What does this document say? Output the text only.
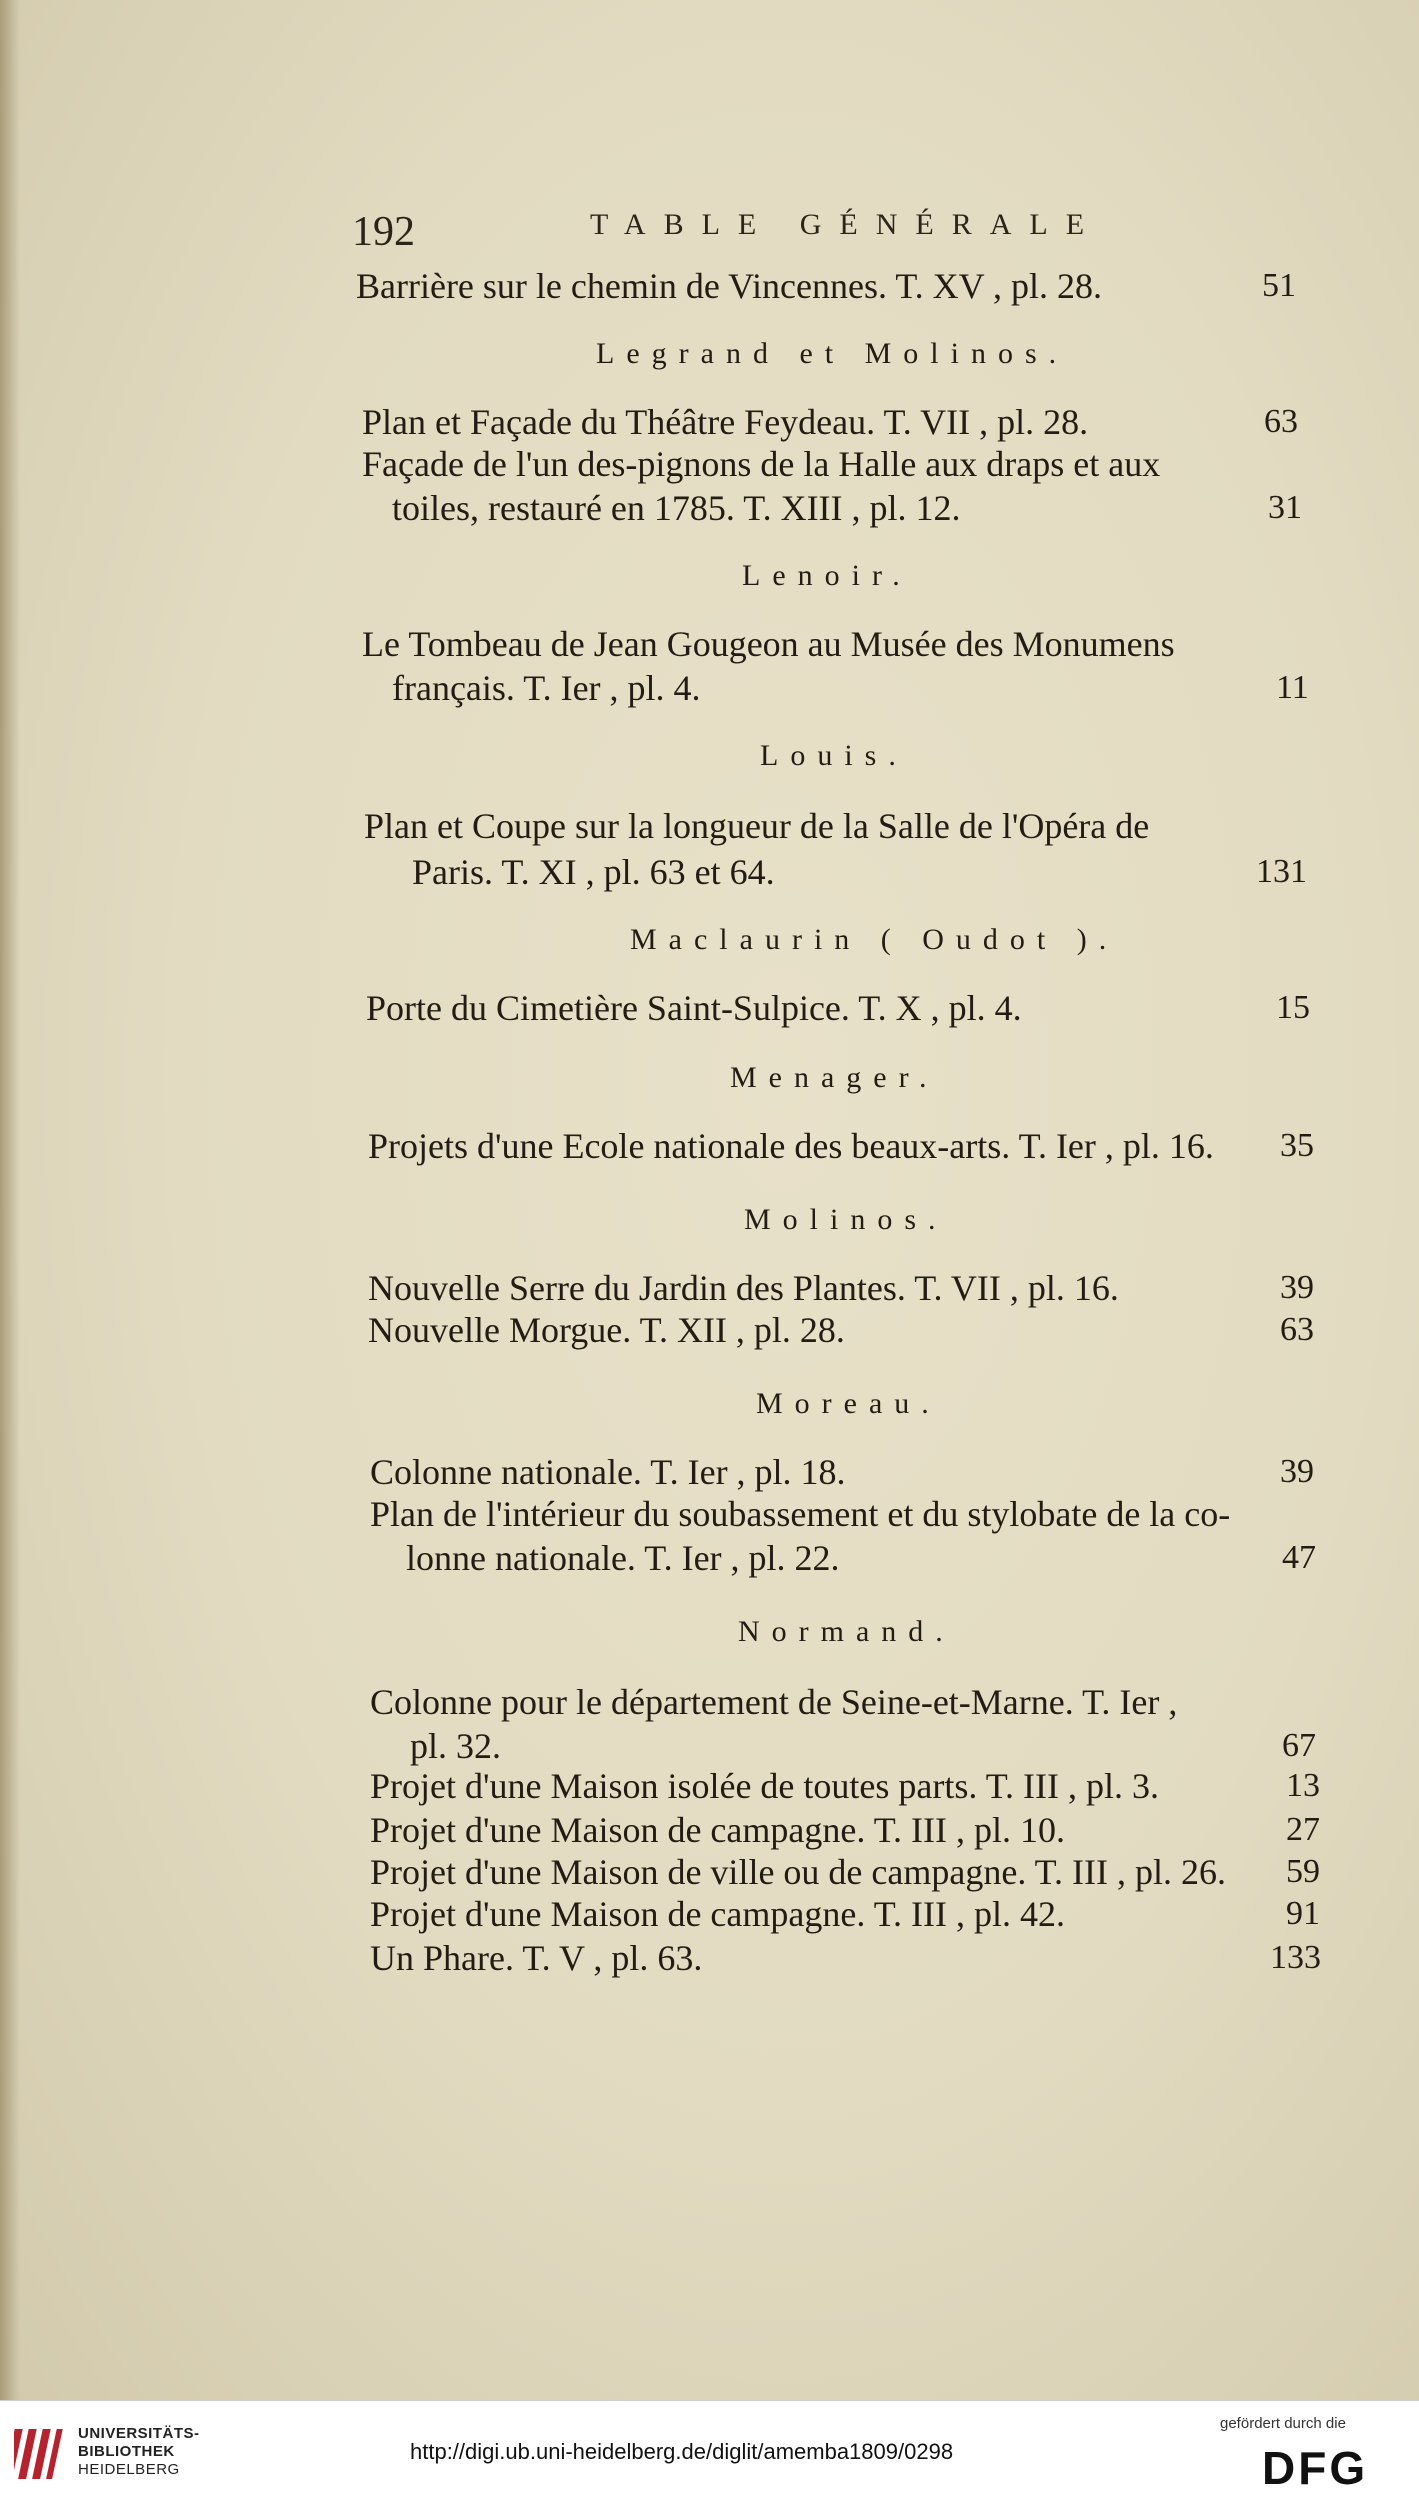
192	TABLE GÉNÉRALE
Barrière sur le chemin de Vincennes. T. XV , pl. 28.	51
Legrand et Molinos.
Plan et Façade du Théâtre Feydeau. T. VII , pl. 28.	63
Façade de l'un des-pignons de la Halle aux draps et aux
toiles, restauré en 1785. T. XIII , pl. 12.	31
Lenoir.
Le Tombeau de Jean Gougeon au Musée des Monumens
français. T. Ier , pl. 4.	11
Louis.
Plan et Coupe sur la longueur de la Salle de l'Opéra de
Paris. T. XI , pl. 63 et 64.	131
Maclaurin ( Oudot ).
Porte du Cimetière Saint-Sulpice. T. X , pl. 4.	15
Menager.
Projets d'une Ecole nationale des beaux-arts. T. Ier , pl. 16. 35
Molinos.
Nouvelle Serre du Jardin des Plantes. T. VII , pl. 16.	39
Nouvelle Morgue. T. XII , pl. 28.	63
Moreau.
Colonne nationale. T. Ier , pl. 18.	39
Plan de l'intérieur du soubassement et du stylobate de la co-
lonne nationale. T. Ier , pl. 22.	47
Normand.
Colonne pour le département de Seine-et-Marne. T. Ier ,
pl. 32.	67
Projet d'une Maison isolée de toutes parts. T. III , pl. 3.	13
Projet d'une Maison de campagne. T. III , pl. 10.	27
Projet d'une Maison de ville ou de campagne. T. III , pl. 26. 59
Projet d'une Maison de campagne. T. III , pl. 42.	91
Un Phare. T. V , pl. 63.	133
UNIVERSITÄTS-
BIBLIOTHEK
HEIDELBERG
http://digi.ub.uni-heidelberg.de/diglit/amemba1809/0298
gefördert durch die
DFG
